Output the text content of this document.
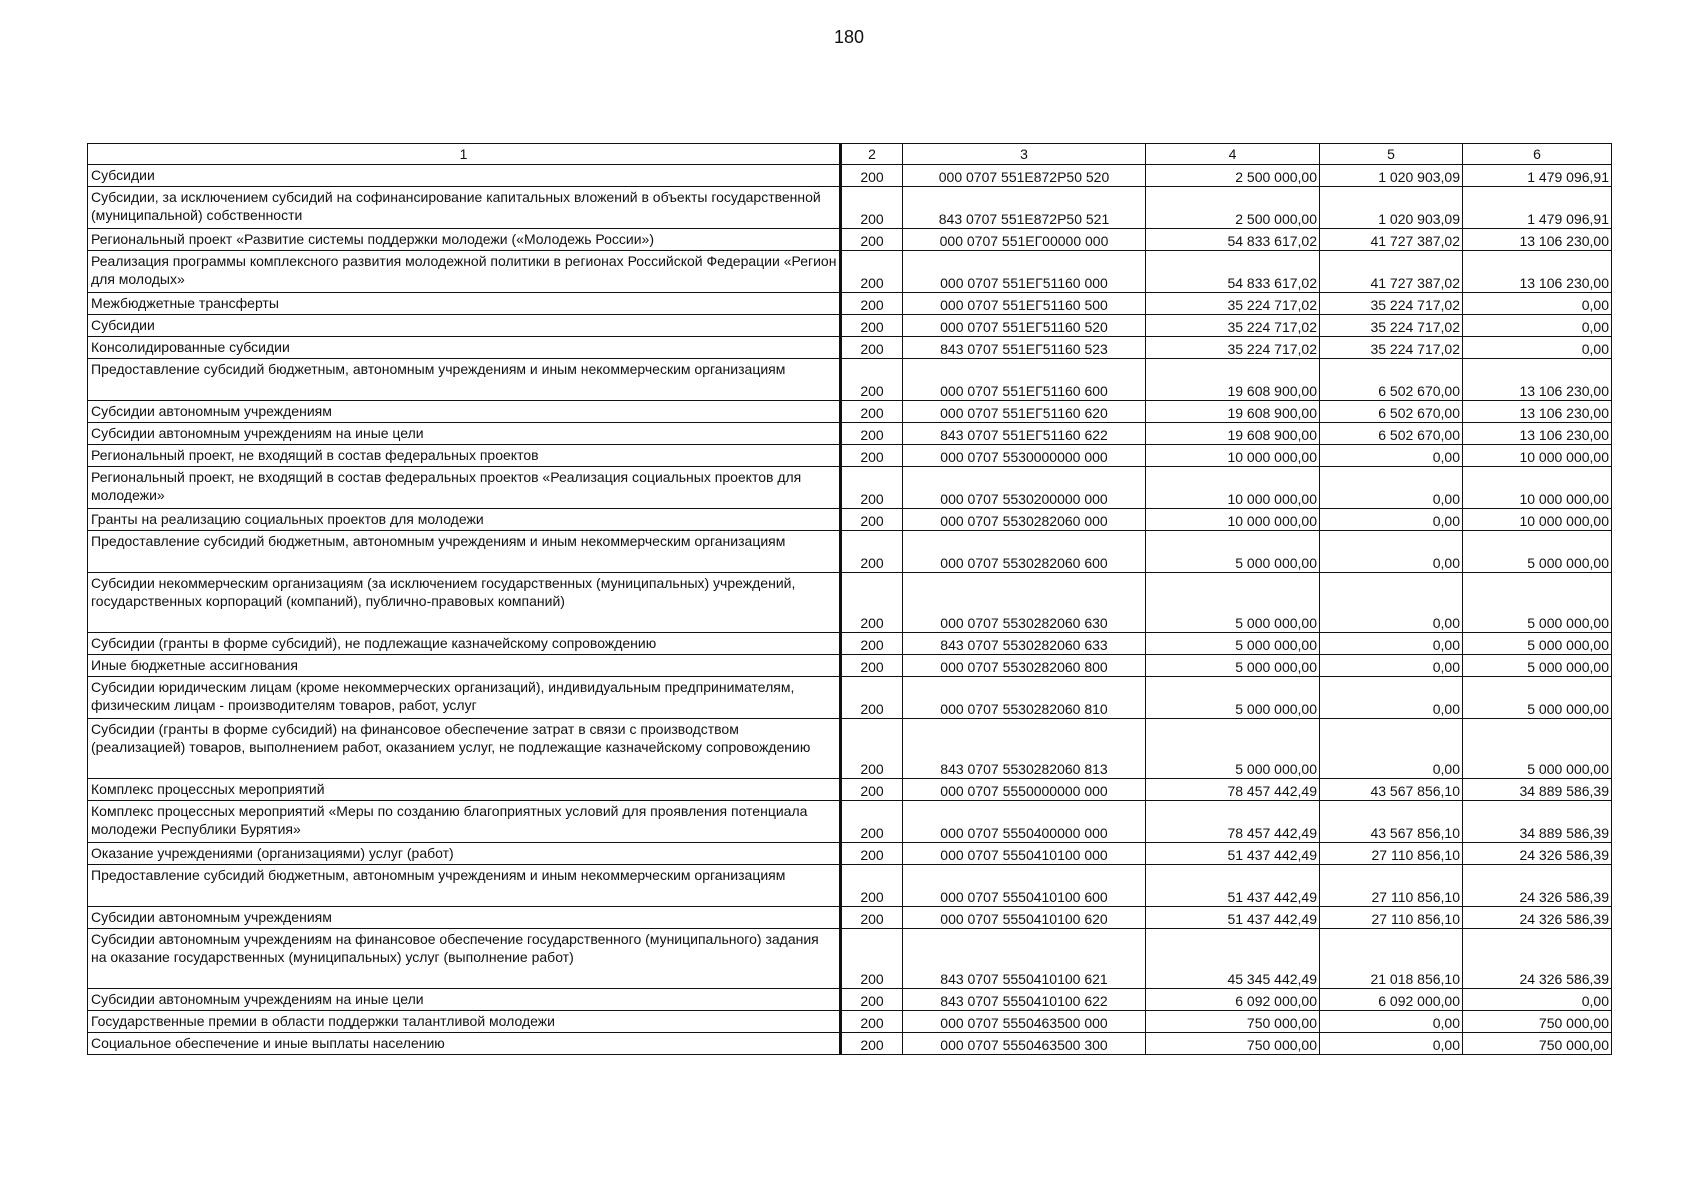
180
1	2	3	4	5	6
Субсидии	200	000 0707 551Е872Р50 520	2 500 000,00	1 020 903,09	1 479 096,91
Субсидии, за исключением субсидий на софинансирование капитальных вложений в объекты государственной (муниципальной) собственности	200	843 0707 551Е872Р50 521	2 500 000,00	1 020 903,09	1 479 096,91
Региональный проект «Развитие системы поддержки молодежи («Молодежь России»)	200	000 0707 551ЕГ00000 000	54 833 617,02	41 727 387,02	13 106 230,00
Реализация программы комплексного развития молодежной политики в регионах Российской Федерации «Регион для молодых»	200	000 0707 551ЕГ51160 000	54 833 617,02	41 727 387,02	13 106 230,00
Межбюджетные трансферты	200	000 0707 551ЕГ51160 500	35 224 717,02	35 224 717,02	0,00
Субсидии	200	000 0707 551ЕГ51160 520	35 224 717,02	35 224 717,02	0,00
Консолидированные субсидии	200	843 0707 551ЕГ51160 523	35 224 717,02	35 224 717,02	0,00
Предоставление субсидий бюджетным, автономным учреждениям и иным некоммерческим организациям	200	000 0707 551ЕГ51160 600	19 608 900,00	6 502 670,00	13 106 230,00
Субсидии автономным учреждениям	200	000 0707 551ЕГ51160 620	19 608 900,00	6 502 670,00	13 106 230,00
Субсидии автономным учреждениям на иные цели	200	843 0707 551ЕГ51160 622	19 608 900,00	6 502 670,00	13 106 230,00
Региональный проект, не входящий в состав федеральных проектов	200	000 0707 5530000000 000	10 000 000,00	0,00	10 000 000,00
Региональный проект, не входящий в состав федеральных проектов «Реализация социальных проектов для молодежи»	200	000 0707 5530200000 000	10 000 000,00	0,00	10 000 000,00
Гранты на реализацию социальных проектов для молодежи	200	000 0707 5530282060 000	10 000 000,00	0,00	10 000 000,00
Предоставление субсидий бюджетным, автономным учреждениям и иным некоммерческим организациям	200	000 0707 5530282060 600	5 000 000,00	0,00	5 000 000,00
Субсидии некоммерческим организациям (за исключением государственных (муниципальных) учреждений, государственных корпораций (компаний), публично-правовых компаний)	200	000 0707 5530282060 630	5 000 000,00	0,00	5 000 000,00
Субсидии (гранты в форме субсидий), не подлежащие казначейскому сопровождению	200	843 0707 5530282060 633	5 000 000,00	0,00	5 000 000,00
Иные бюджетные ассигнования	200	000 0707 5530282060 800	5 000 000,00	0,00	5 000 000,00
Субсидии юридическим лицам (кроме некоммерческих организаций), индивидуальным предпринимателям, физическим лицам - производителям товаров, работ, услуг	200	000 0707 5530282060 810	5 000 000,00	0,00	5 000 000,00
Субсидии (гранты в форме субсидий) на финансовое обеспечение затрат в связи с производством (реализацией) товаров, выполнением работ, оказанием услуг, не подлежащие казначейскому сопровождению	200	843 0707 5530282060 813	5 000 000,00	0,00	5 000 000,00
Комплекс процессных мероприятий	200	000 0707 5550000000 000	78 457 442,49	43 567 856,10	34 889 586,39
Комплекс процессных мероприятий «Меры по созданию благоприятных условий для проявления потенциала молодежи Республики Бурятия»	200	000 0707 5550400000 000	78 457 442,49	43 567 856,10	34 889 586,39
Оказание учреждениями (организациями) услуг (работ)	200	000 0707 5550410100 000	51 437 442,49	27 110 856,10	24 326 586,39
Предоставление субсидий бюджетным, автономным учреждениям и иным некоммерческим организациям	200	000 0707 5550410100 600	51 437 442,49	27 110 856,10	24 326 586,39
Субсидии автономным учреждениям	200	000 0707 5550410100 620	51 437 442,49	27 110 856,10	24 326 586,39
Субсидии автономным учреждениям на финансовое обеспечение государственного (муниципального) задания на оказание государственных (муниципальных) услуг (выполнение работ)	200	843 0707 5550410100 621	45 345 442,49	21 018 856,10	24 326 586,39
Субсидии автономным учреждениям на иные цели	200	843 0707 5550410100 622	6 092 000,00	6 092 000,00	0,00
Государственные премии в области поддержки талантливой молодежи	200	000 0707 5550463500 000	750 000,00	0,00	750 000,00
Социальное обеспечение и иные выплаты населению	200	000 0707 5550463500 300	750 000,00	0,00	750 000,00
